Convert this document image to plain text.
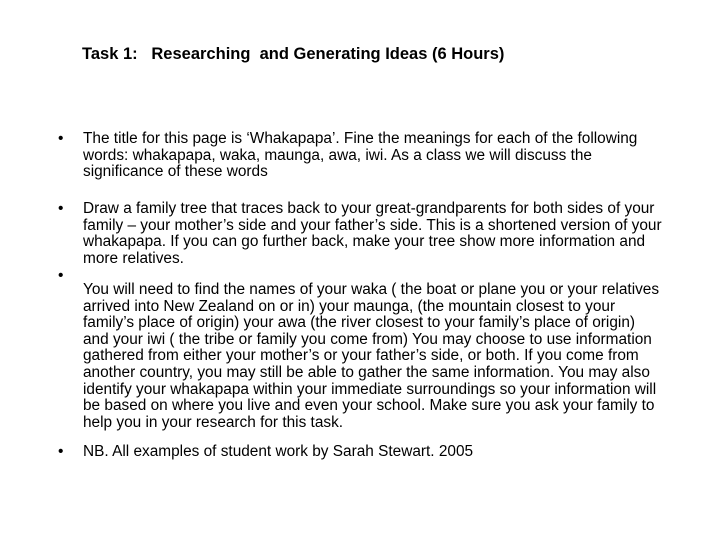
Task 1:   Researching  and Generating Ideas (6 Hours)
• The title for this page is ‘Whakapapa’. Fine the meanings for each of the following
words: whakapapa, waka, maunga, awa, iwi. As a class we will discuss the
significance of these words
• Draw a family tree that traces back to your great-grandparents for both sides of your
family – your mother’s side and your father’s side. This is a shortened version of your
whakapapa. If you can go further back, make your tree show more information and
more relatives.
•
You will need to find the names of your waka ( the boat or plane you or your relatives
arrived into New Zealand on or in) your maunga, (the mountain closest to your
family’s place of origin) your awa (the river closest to your family’s place of origin)
and your iwi ( the tribe or family you come from) You may choose to use information
gathered from either your mother’s or your father’s side, or both. If you come from
another country, you may still be able to gather the same information. You may also
identify your whakapapa within your immediate surroundings so your information will
be based on where you live and even your school. Make sure you ask your family to
help you in your research for this task.
• NB. All examples of student work by Sarah Stewart. 2005
